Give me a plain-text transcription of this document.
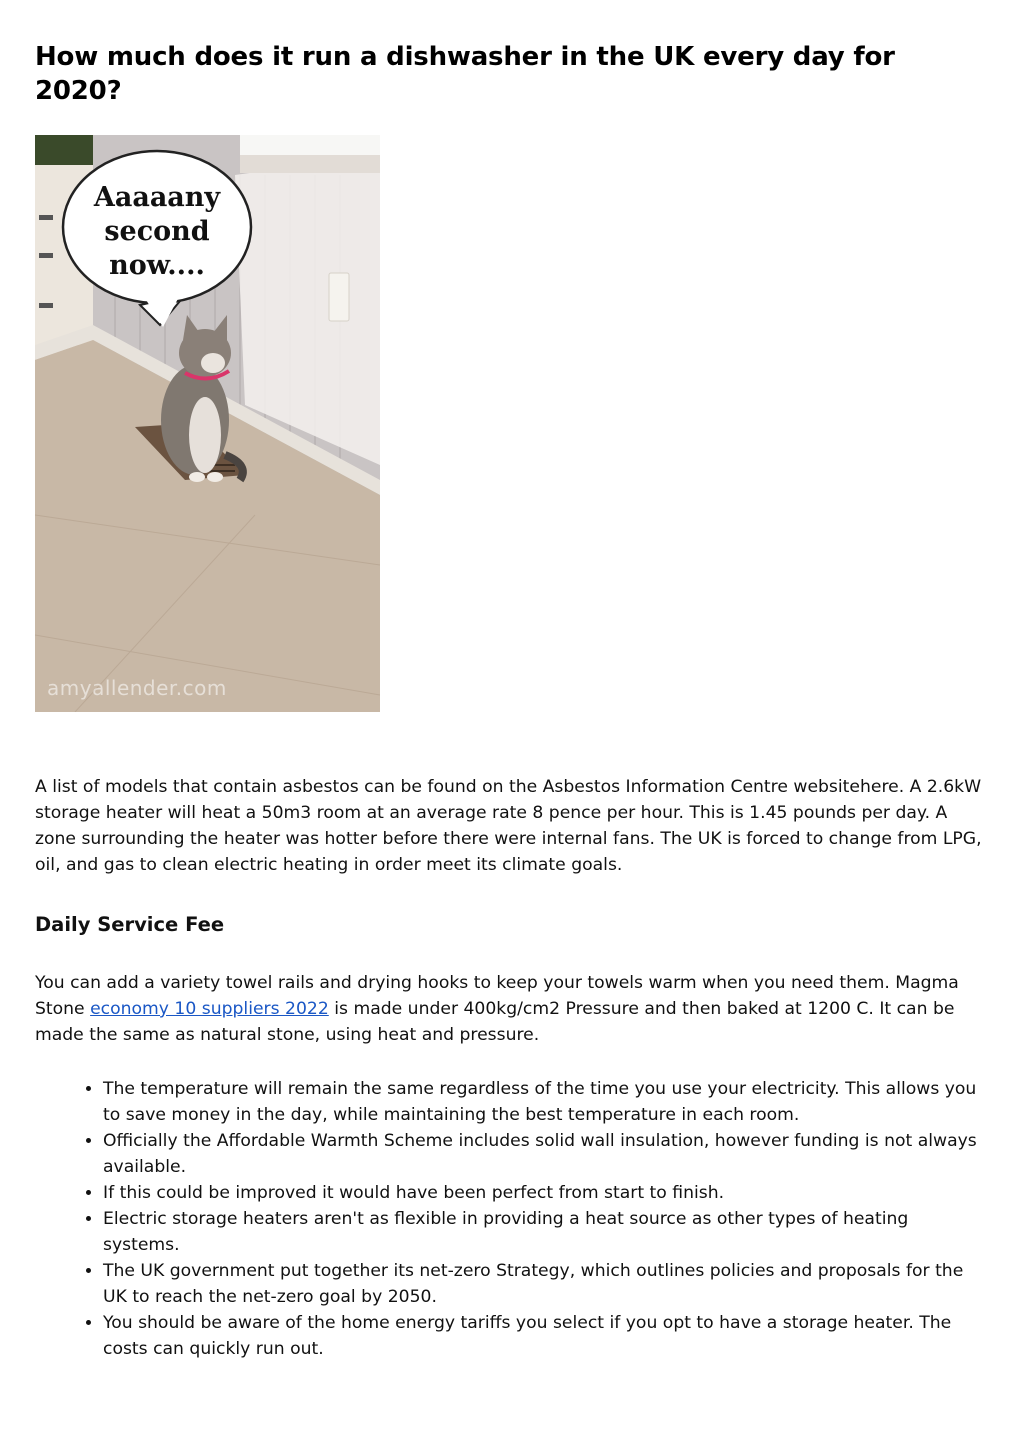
How much does it run a dishwasher in the UK every day for 2020?
Aaaaany
second
now....
amyallender.com

A list of models that contain asbestos can be found on the Asbestos Information Centre websitehere. A 2.6kW storage heater will heat a 50m3 room at an average rate 8 pence per hour. This is 1.45 pounds per day. A zone surrounding the heater was hotter before there were internal fans. The UK is forced to change from LPG, oil, and gas to clean electric heating in order meet its climate goals.

Daily Service Fee

You can add a variety towel rails and drying hooks to keep your towels warm when you need them. Magma Stone economy 10 suppliers 2022 is made under 400kg/cm2 Pressure and then baked at 1200 C. It can be made the same as natural stone, using heat and pressure.

• The temperature will remain the same regardless of the time you use your electricity. This allows you to save money in the day, while maintaining the best temperature in each room.
• Officially the Affordable Warmth Scheme includes solid wall insulation, however funding is not always available.
• If this could be improved it would have been perfect from start to finish.
• Electric storage heaters aren't as flexible in providing a heat source as other types of heating systems.
• The UK government put together its net-zero Strategy, which outlines policies and proposals for the UK to reach the net-zero goal by 2050.
• You should be aware of the home energy tariffs you select if you opt to have a storage heater. The costs can quickly run out.
